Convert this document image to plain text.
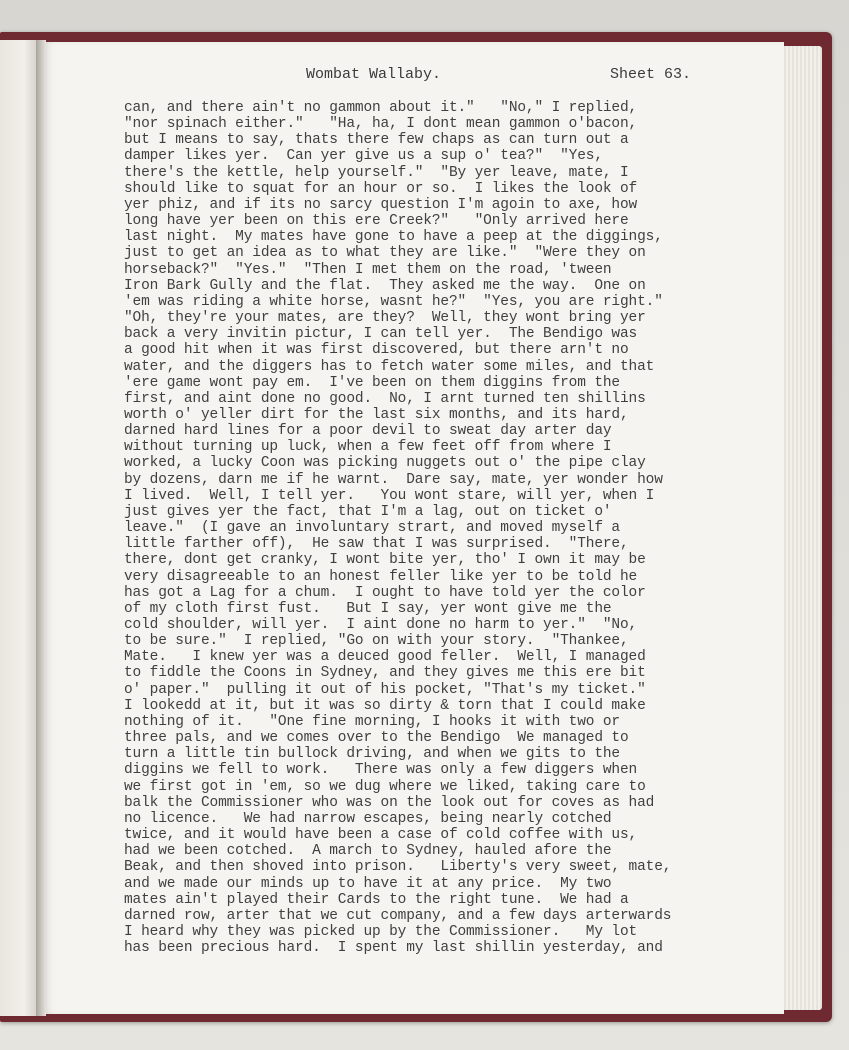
Wombat Wallaby.	Sheet 63.
can, and there ain't no gammon about it."   "No," I replied,
"nor spinach either."   "Ha, ha, I dont mean gammon o'bacon,
but I means to say, thats there few chaps as can turn out a
damper likes yer.  Can yer give us a sup o' tea?"  "Yes,
there's the kettle, help yourself."  "By yer leave, mate, I
should like to squat for an hour or so.  I likes the look of
yer phiz, and if its no sarcy question I'm agoin to axe, how
long have yer been on this ere Creek?"   "Only arrived here
last night.  My mates have gone to have a peep at the diggings,
just to get an idea as to what they are like."  "Were they on
horseback?"  "Yes."  "Then I met them on the road, 'tween
Iron Bark Gully and the flat.  They asked me the way.  One on
'em was riding a white horse, wasnt he?"  "Yes, you are right."
"Oh, they're your mates, are they?  Well, they wont bring yer
back a very invitin pictur, I can tell yer.  The Bendigo was
a good hit when it was first discovered, but there arn't no
water, and the diggers has to fetch water some miles, and that
'ere game wont pay em.  I've been on them diggins from the
first, and aint done no good.  No, I arnt turned ten shillins
worth o' yeller dirt for the last six months, and its hard,
darned hard lines for a poor devil to sweat day arter day
without turning up luck, when a few feet off from where I
worked, a lucky Coon was picking nuggets out o' the pipe clay
by dozens, darn me if he warnt.  Dare say, mate, yer wonder how
I lived.  Well, I tell yer.   You wont stare, will yer, when I
just gives yer the fact, that I'm a lag, out on ticket o'
leave."  (I gave an involuntary strart, and moved myself a
little farther off),  He saw that I was surprised.  "There,
there, dont get cranky, I wont bite yer, tho' I own it may be
very disagreeable to an honest feller like yer to be told he
has got a Lag for a chum.  I ought to have told yer the color
of my cloth first fust.   But I say, yer wont give me the
cold shoulder, will yer.  I aint done no harm to yer."  "No,
to be sure."  I replied, "Go on with your story.  "Thankee,
Mate.   I knew yer was a deuced good feller.  Well, I managed
to fiddle the Coons in Sydney, and they gives me this ere bit
o' paper."  pulling it out of his pocket, "That's my ticket."
I lookedd at it, but it was so dirty & torn that I could make
nothing of it.   "One fine morning, I hooks it with two or
three pals, and we comes over to the Bendigo  We managed to
turn a little tin bullock driving, and when we gits to the
diggins we fell to work.   There was only a few diggers when
we first got in 'em, so we dug where we liked, taking care to
balk the Commissioner who was on the look out for coves as had
no licence.   We had narrow escapes, being nearly cotched
twice, and it would have been a case of cold coffee with us,
had we been cotched.  A march to Sydney, hauled afore the
Beak, and then shoved into prison.   Liberty's very sweet, mate,
and we made our minds up to have it at any price.  My two
mates ain't played their Cards to the right tune.  We had a
darned row, arter that we cut company, and a few days arterwards
I heard why they was picked up by the Commissioner.   My lot
has been precious hard.  I spent my last shillin yesterday, and
